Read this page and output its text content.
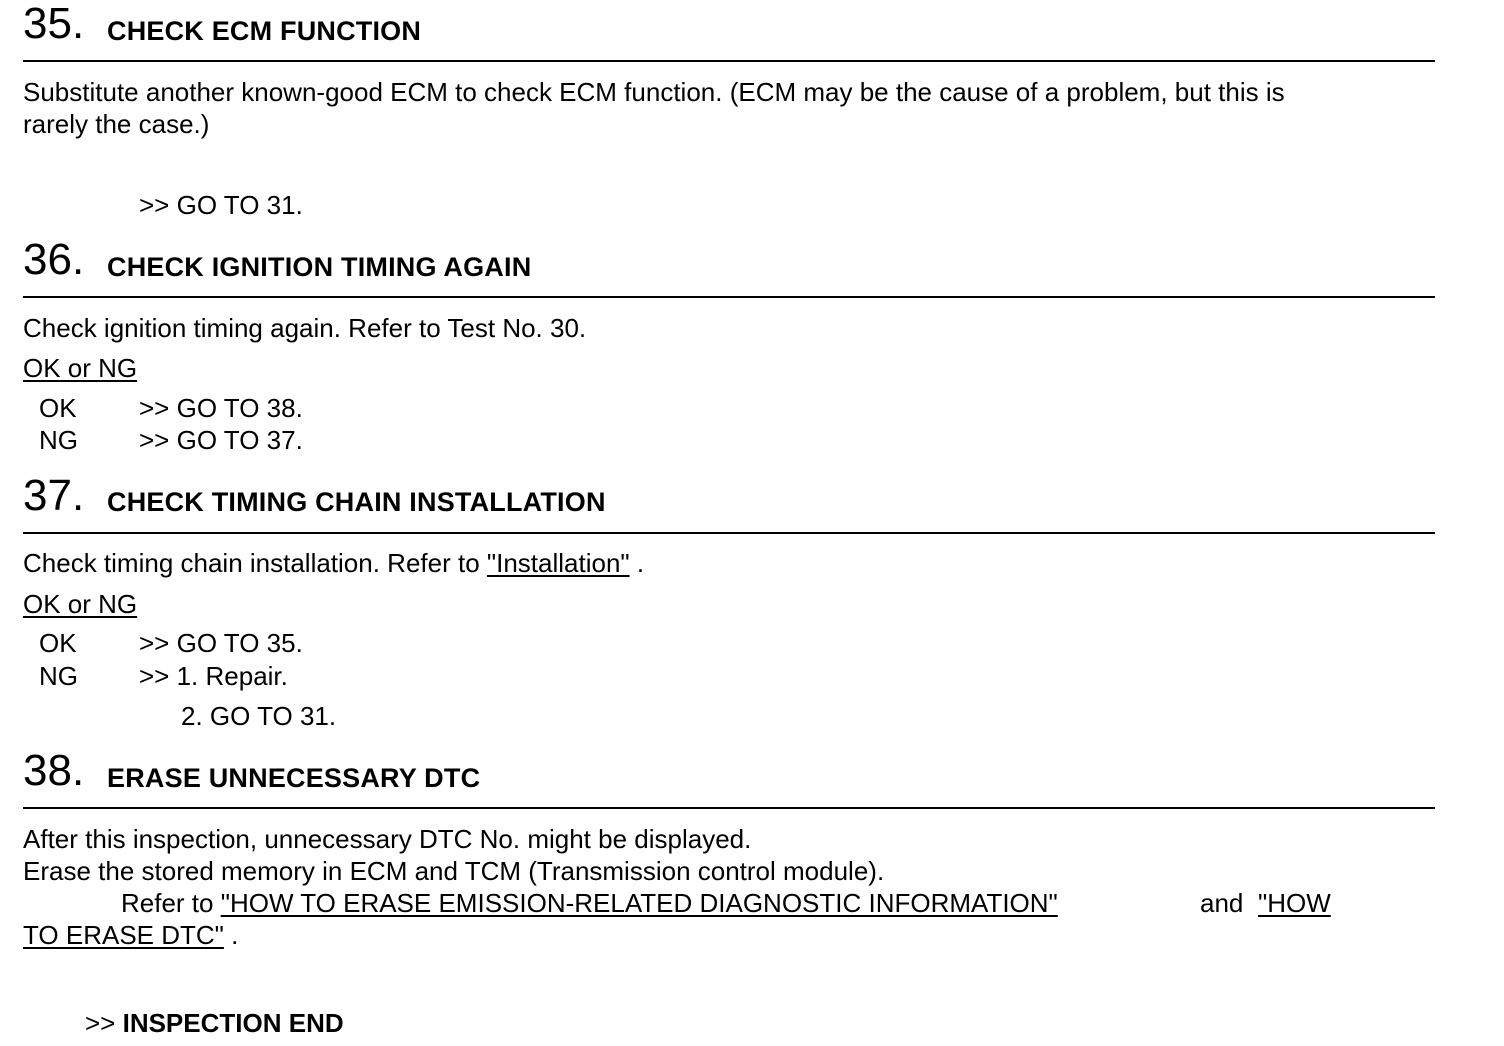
35. CHECK ECM FUNCTION
Substitute another known-good ECM to check ECM function. (ECM may be the cause of a problem, but this is
rarely the case.)
>> GO TO 31.
36. CHECK IGNITION TIMING AGAIN
Check ignition timing again. Refer to Test No. 30.
OK or NG
OK >> GO TO 38.
NG >> GO TO 37.
37. CHECK TIMING CHAIN INSTALLATION
Check timing chain installation. Refer to "Installation" .
OK or NG
OK >> GO TO 35.
NG >> 1. Repair.
2. GO TO 31.
38. ERASE UNNECESSARY DTC
After this inspection, unnecessary DTC No. might be displayed.
Erase the stored memory in ECM and TCM (Transmission control module).
Refer to "HOW TO ERASE EMISSION-RELATED DIAGNOSTIC INFORMATION"	and "HOW
TO ERASE DTC" .
>> INSPECTION END
